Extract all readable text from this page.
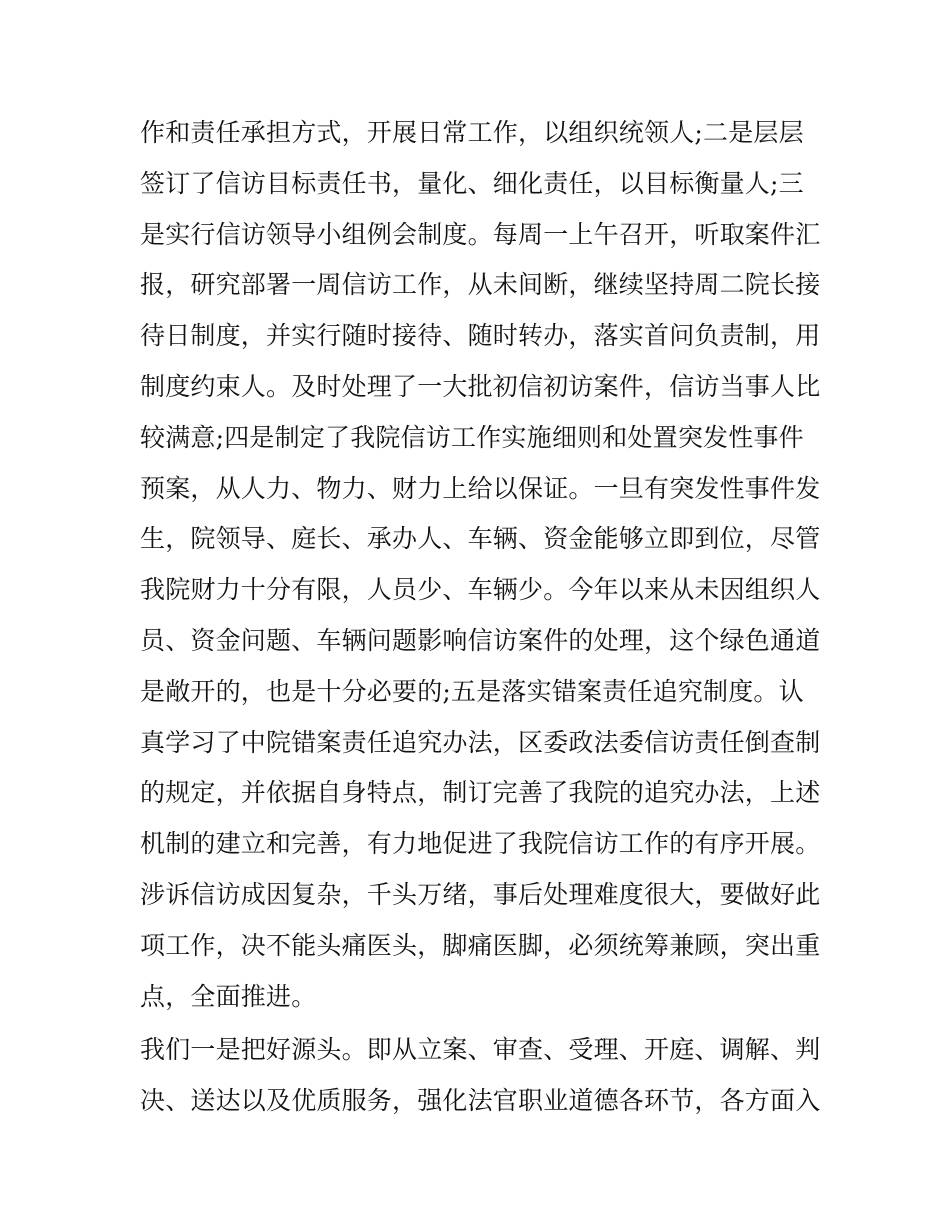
作和责任承担方式，开展日常工作，以组织统领人;二是层层
签订了信访目标责任书，量化、细化责任，以目标衡量人;三
是实行信访领导小组例会制度。每周一上午召开，听取案件汇
报，研究部署一周信访工作，从未间断，继续坚持周二院长接
待日制度，并实行随时接待、随时转办，落实首问负责制，用
制度约束人。及时处理了一大批初信初访案件，信访当事人比
较满意;四是制定了我院信访工作实施细则和处置突发性事件
预案，从人力、物力、财力上给以保证。一旦有突发性事件发
生，院领导、庭长、承办人、车辆、资金能够立即到位，尽管
我院财力十分有限，人员少、车辆少。今年以来从未因组织人
员、资金问题、车辆问题影响信访案件的处理，这个绿色通道
是敞开的，也是十分必要的;五是落实错案责任追究制度。认
真学习了中院错案责任追究办法，区委政法委信访责任倒查制
的规定，并依据自身特点，制订完善了我院的追究办法，上述
机制的建立和完善，有力地促进了我院信访工作的有序开展。
涉诉信访成因复杂，千头万绪，事后处理难度很大，要做好此
项工作，决不能头痛医头，脚痛医脚，必须统筹兼顾，突出重
点，全面推进。
我们一是把好源头。即从立案、审查、受理、开庭、调解、判
决、送达以及优质服务，强化法官职业道德各环节，各方面入
